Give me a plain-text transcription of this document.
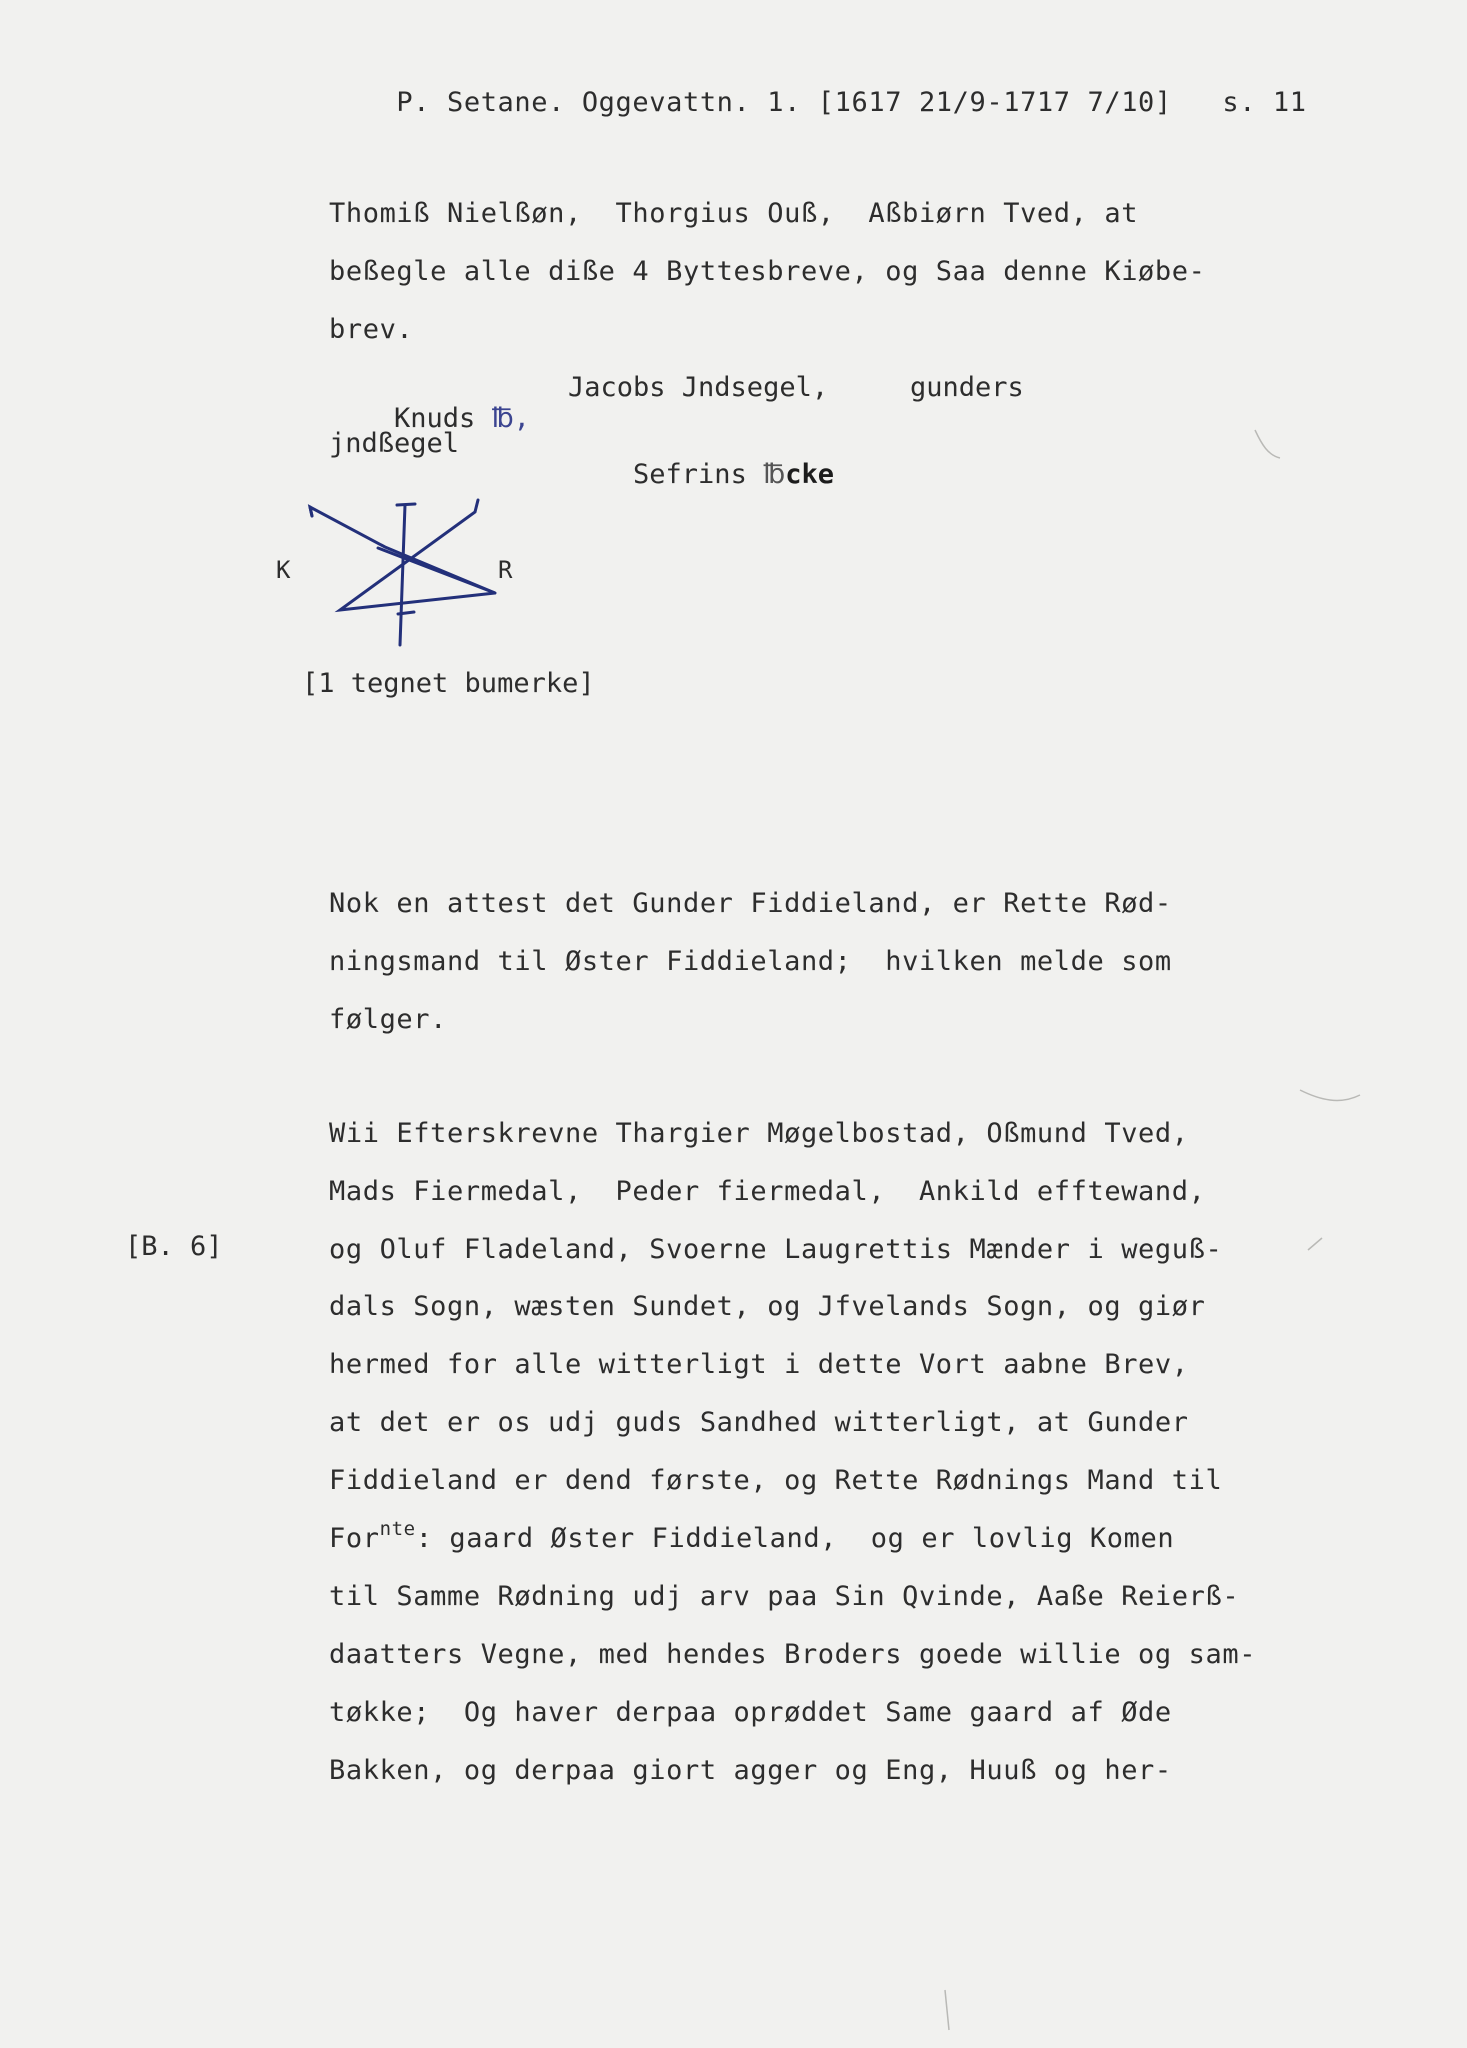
P. Setane. Oggevattn. 1. [1617 21/9-1717 7/10] s. 11

Thomiß Nielßøn,  Thorgius Ouß,  Aßbiørn Tved, at
beßegle alle diße 4 Byttesbreve, og Saa denne Kiøbe-
brev.

Knuds ℔,

Jacobs Jndsegel,	gunders
jndßegel

Sefrins ℔cke

K	R
[1 tegnet bumerke]
Nok en attest det Gunder Fiddieland, er Rette Rød-
ningsmand til Øster Fiddieland;  hvilken melde som
følger.
[B. 6]
Wii Efterskrevne Thargier Møgelbostad, Oßmund Tved,
Mads Fiermedal,  Peder fiermedal,  Ankild efftewand,
og Oluf Fladeland, Svoerne Laugrettis Mænder i weguß-
dals Sogn, wæsten Sundet, og Jfvelands Sogn, og giør
hermed for alle witterligt i dette Vort aabne Brev,
at det er os udj guds Sandhed witterligt, at Gunder
Fiddieland er dend første, og Rette Rødnings Mand til
For$^{nte}$: gaard Øster Fiddieland,  og er lovlig Komen
til Samme Rødning udj arv paa Sin Qvinde, Aaße Reierß-
daatters Vegne, med hendes Broders goede willie og sam-
tøkke;  Og haver derpaa oprøddet Same gaard af Øde
Bakken, og derpaa giort agger og Eng, Huuß og her-
